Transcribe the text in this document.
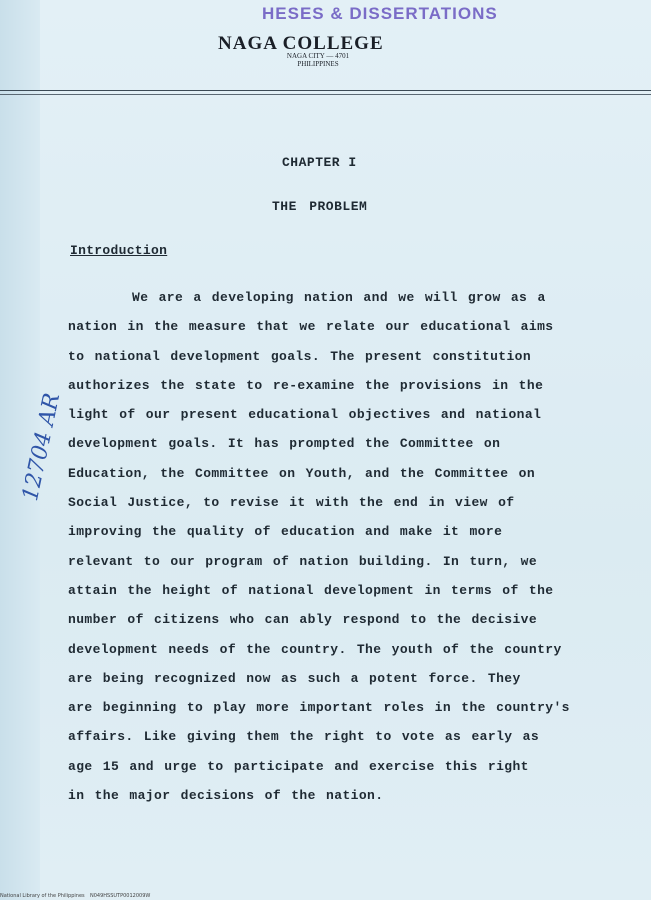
HESES & DISSERTATIONS
NAGA COLLEGE
NAGA CITY — 4701
PHILIPPINES
CHAPTER I
THE PROBLEM
Introduction
We are a developing nation and we will grow as a
nation in the measure that we relate our educational aims
to national development goals. The present constitution
authorizes the state to re-examine the provisions in the
light of our present educational objectives and national
development goals. It has prompted the Committee on
Education, the Committee on Youth, and the Committee on
Social Justice, to revise it with the end in view of
improving the quality of education and make it more
relevant to our program of nation building. In turn, we
attain the height of national development in terms of the
number of citizens who can ably respond to the decisive
development needs of the country. The youth of the country
are being recognized now as such a potent force. They
are beginning to play more important roles in the country's
affairs. Like giving them the right to vote as early as
age 15 and urge to participate and exercise this right
in the major decisions of the nation.
12704 AR
National Library of the Philippines N049HSSUTP0012009W
